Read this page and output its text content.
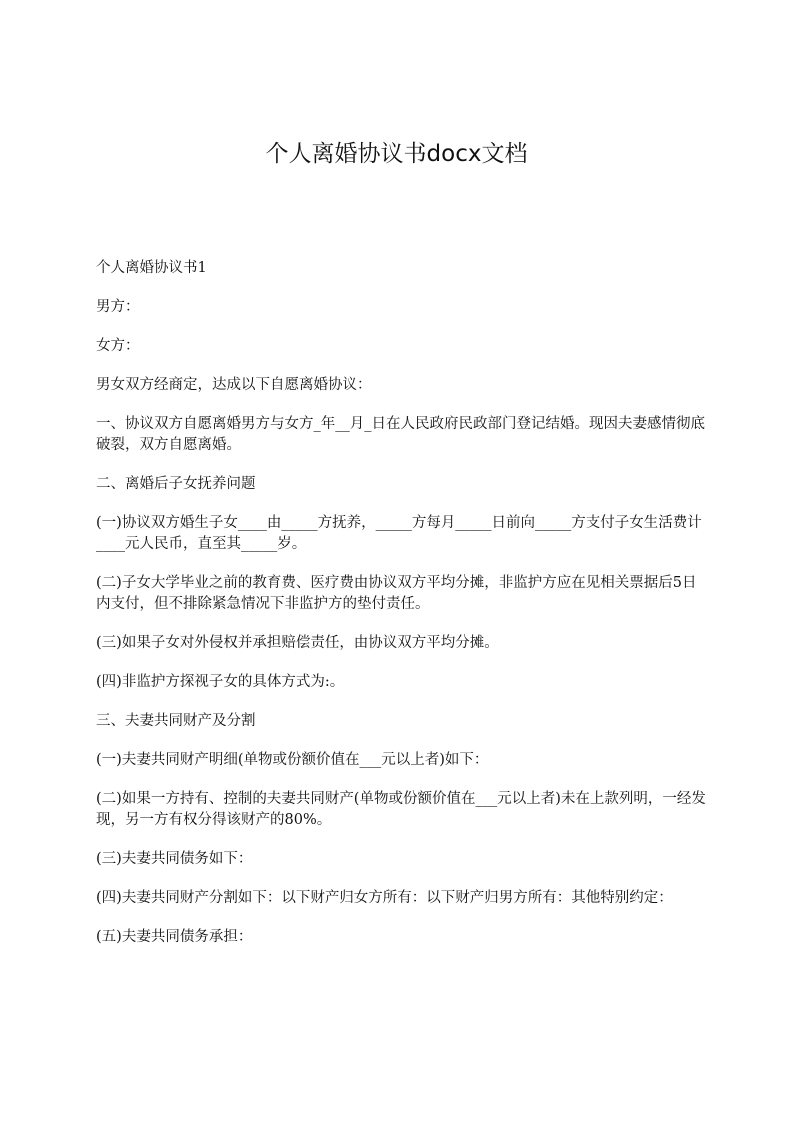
个人离婚协议书docx文档

个人离婚协议书1

男方：

女方：

男女双方经商定，达成以下自愿离婚协议：

一、协议双方自愿离婚男方与女方_年__月_日在人民政府民政部门登记结婚。现因夫妻感情彻底破裂，双方自愿离婚。

二、离婚后子女抚养问题

(一)协议双方婚生子女____由_____方抚养，_____方每月_____日前向_____方支付子女生活费计____元人民币，直至其_____岁。

(二)子女大学毕业之前的教育费、医疗费由协议双方平均分摊，非监护方应在见相关票据后5日内支付，但不排除紧急情况下非监护方的垫付责任。

(三)如果子女对外侵权并承担赔偿责任，由协议双方平均分摊。

(四)非监护方探视子女的具体方式为:。

三、夫妻共同财产及分割

(一)夫妻共同财产明细(单物或份额价值在___元以上者)如下：

(二)如果一方持有、控制的夫妻共同财产(单物或份额价值在___元以上者)未在上款列明，一经发现，另一方有权分得该财产的80%。

(三)夫妻共同债务如下：

(四)夫妻共同财产分割如下：以下财产归女方所有：以下财产归男方所有：其他特别约定：

(五)夫妻共同债务承担：
